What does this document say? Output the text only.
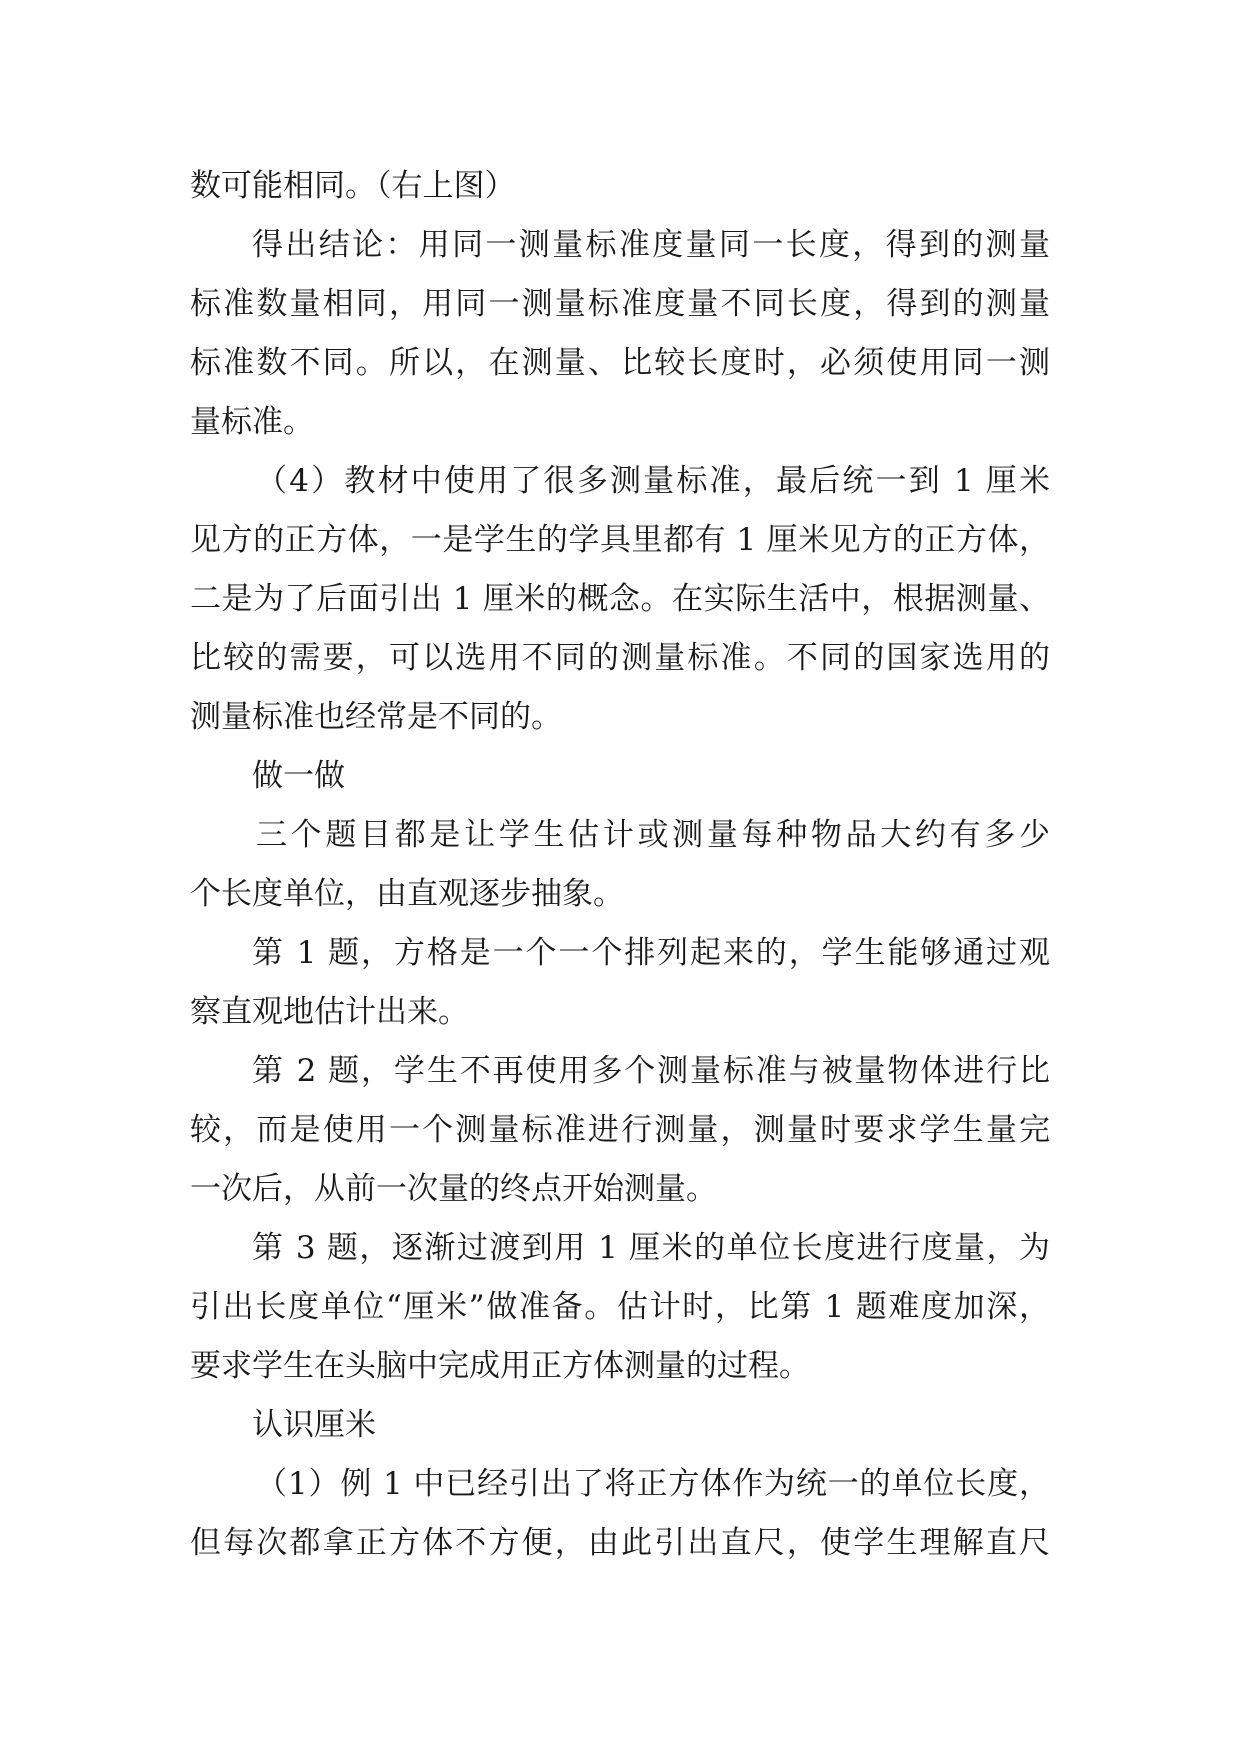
数可能相同。（右上图）
得出结论：用同一测量标准度量同一长度，得到的测量
标准数量相同，用同一测量标准度量不同长度，得到的测量
标准数不同。所以，在测量、比较长度时，必须使用同一测
量标准。
（4）教材中使用了很多测量标准，最后统一到 1 厘米
见方的正方体，一是学生的学具里都有 1 厘米见方的正方体，
二是为了后面引出 1 厘米的概念。在实际生活中，根据测量、
比较的需要，可以选用不同的测量标准。不同的国家选用的
测量标准也经常是不同的。
做一做
三个题目都是让学生估计或测量每种物品大约有多少
个长度单位，由直观逐步抽象。
第 1 题，方格是一个一个排列起来的，学生能够通过观
察直观地估计出来。
第 2 题，学生不再使用多个测量标准与被量物体进行比
较，而是使用一个测量标准进行测量，测量时要求学生量完
一次后，从前一次量的终点开始测量。
第 3 题，逐渐过渡到用 1 厘米的单位长度进行度量，为
引出长度单位“厘米”做准备。估计时，比第 1 题难度加深，
要求学生在头脑中完成用正方体测量的过程。
认识厘米
（1）例 1 中已经引出了将正方体作为统一的单位长度，
但每次都拿正方体不方便，由此引出直尺，使学生理解直尺
